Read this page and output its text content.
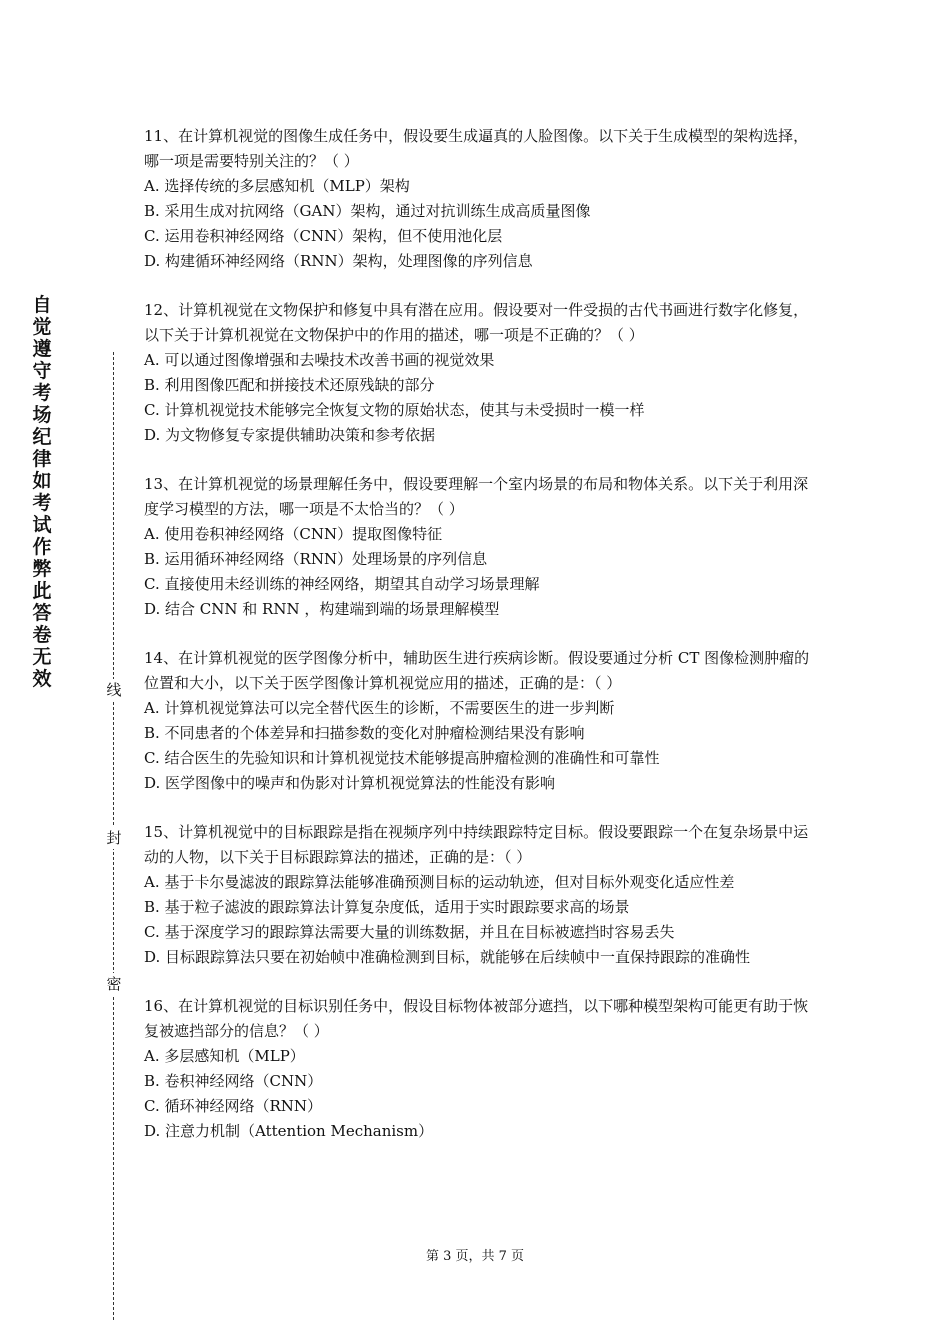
自觉遵守考场纪律如考试作弊此答卷无效	线
封
密

11、在计算机视觉的图像生成任务中，假设要生成逼真的人脸图像。以下关于生成模型的架构选择，哪一项是需要特别关注的？（ ）

A. 选择传统的多层感知机（MLP）架构

B. 采用生成对抗网络（GAN）架构，通过对抗训练生成高质量图像

C. 运用卷积神经网络（CNN）架构，但不使用池化层

D. 构建循环神经网络（RNN）架构，处理图像的序列信息

12、计算机视觉在文物保护和修复中具有潜在应用。假设要对一件受损的古代书画进行数字化修复，以下关于计算机视觉在文物保护中的作用的描述，哪一项是不正确的？（ ）

A. 可以通过图像增强和去噪技术改善书画的视觉效果

B. 利用图像匹配和拼接技术还原残缺的部分

C. 计算机视觉技术能够完全恢复文物的原始状态，使其与未受损时一模一样

D. 为文物修复专家提供辅助决策和参考依据

13、在计算机视觉的场景理解任务中，假设要理解一个室内场景的布局和物体关系。以下关于利用深度学习模型的方法，哪一项是不太恰当的？（ ）

A. 使用卷积神经网络（CNN）提取图像特征

B. 运用循环神经网络（RNN）处理场景的序列信息

C. 直接使用未经训练的神经网络，期望其自动学习场景理解

D. 结合 CNN 和 RNN ，构建端到端的场景理解模型

14、在计算机视觉的医学图像分析中，辅助医生进行疾病诊断。假设要通过分析 CT 图像检测肿瘤的位置和大小，以下关于医学图像计算机视觉应用的描述，正确的是：（ ）

A. 计算机视觉算法可以完全替代医生的诊断，不需要医生的进一步判断

B. 不同患者的个体差异和扫描参数的变化对肿瘤检测结果没有影响

C. 结合医生的先验知识和计算机视觉技术能够提高肿瘤检测的准确性和可靠性

D. 医学图像中的噪声和伪影对计算机视觉算法的性能没有影响

15、计算机视觉中的目标跟踪是指在视频序列中持续跟踪特定目标。假设要跟踪一个在复杂场景中运动的人物，以下关于目标跟踪算法的描述，正确的是：（ ）

A. 基于卡尔曼滤波的跟踪算法能够准确预测目标的运动轨迹，但对目标外观变化适应性差

B. 基于粒子滤波的跟踪算法计算复杂度低，适用于实时跟踪要求高的场景

C. 基于深度学习的跟踪算法需要大量的训练数据，并且在目标被遮挡时容易丢失

D. 目标跟踪算法只要在初始帧中准确检测到目标，就能够在后续帧中一直保持跟踪的准确性

16、在计算机视觉的目标识别任务中，假设目标物体被部分遮挡，以下哪种模型架构可能更有助于恢复被遮挡部分的信息？（ ）

A. 多层感知机（MLP）

B. 卷积神经网络（CNN）

C. 循环神经网络（RNN）

D. 注意力机制（Attention Mechanism）

第 3 页，共 7 页
